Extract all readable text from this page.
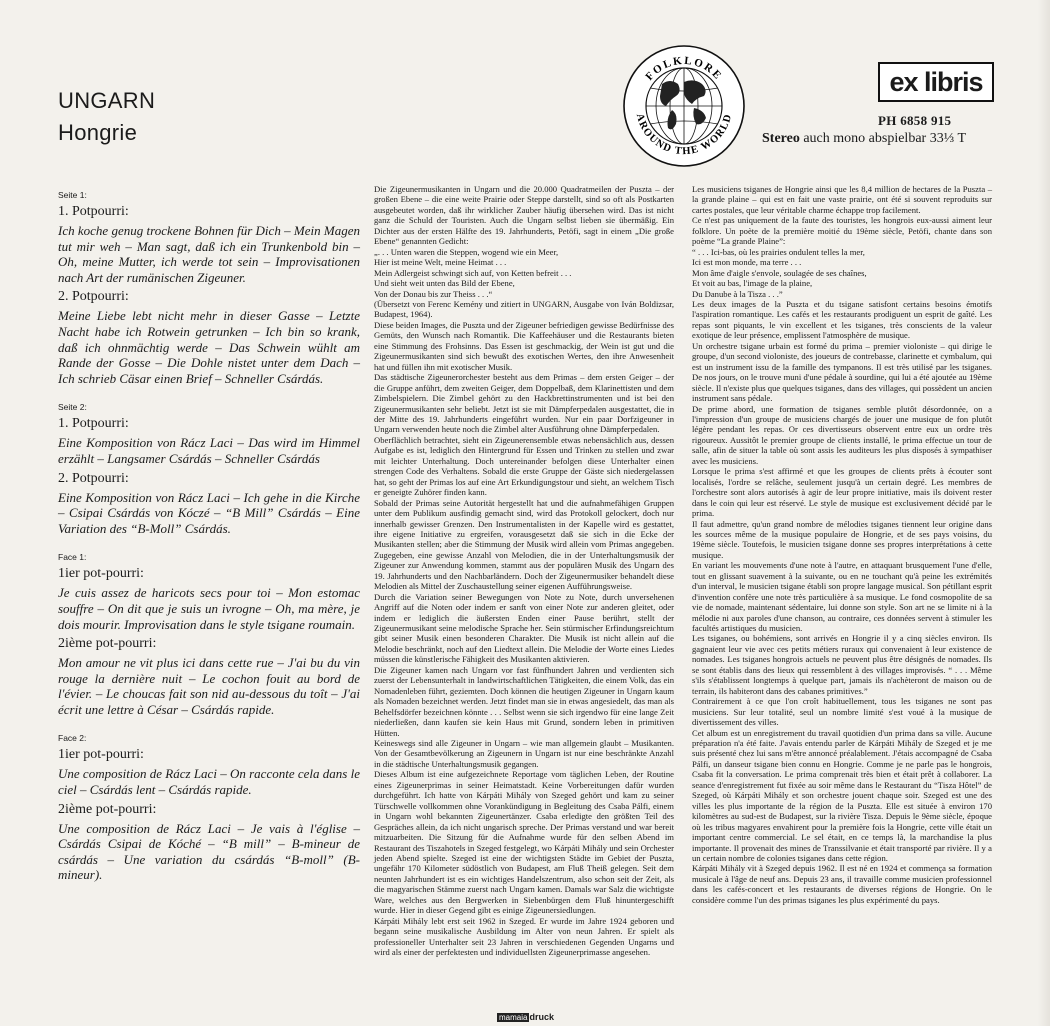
UNGARN
Hongrie
FOLKLORE
AROUND THE WORLD
ex libris
PH 6858 915
Stereo auch mono abspielbar 33⅓ T
Seite 1:
1. Potpourri:
Ich koche genug trockene Bohnen für Dich – Mein Magen tut mir weh – Man sagt, daß ich ein Trunkenbold bin – Oh, meine Mutter, ich werde tot sein – Improvisationen nach Art der rumänischen Zigeuner.
2. Potpourri:
Meine Liebe lebt nicht mehr in dieser Gasse – Letzte Nacht habe ich Rotwein getrunken – Ich bin so krank, daß ich ohnmächtig werde – Das Schwein wühlt am Rande der Gosse – Die Dohle nistet unter dem Dach – Ich schrieb Cäsar einen Brief – Schneller Csárdás.
Seite 2:
1. Potpourri:
Eine Komposition von Rácz Laci – Das wird im Himmel erzählt – Langsamer Csárdás – Schneller Csárdás
2. Potpourri:
Eine Komposition von Rácz Laci – Ich gehe in die Kirche – Csipai Csárdás von Kóczé – “B Mill” Csárdás – Eine Variation des “B-Moll” Csárdás.
Face 1:
1ier pot-pourri:
Je cuis assez de haricots secs pour toi – Mon estomac souffre – On dit que je suis un ivrogne – Oh, ma mère, je dois mourir. Improvisation dans le style tsigane roumain.
2ième pot-pourri:
Mon amour ne vit plus ici dans cette rue – J'ai bu du vin rouge la dernière nuit – Le cochon fouit au bord de l'évier. – Le choucas fait son nid au-dessous du toît – J'ai écrit une lettre à César – Csárdás rapide.
Face 2:
1ier pot-pourri:
Une composition de Rácz Laci – On racconte cela dans le ciel – Csárdás lent – Csárdás rapide.
2ième pot-pourri:
Une composition de Rácz Laci – Je vais à l'église – Csárdás Csipai de Kóché – “B mill” – B-mineur de csárdás – Une variation du csárdás “B-moll” (B-mineur).

Die Zigeunermusikanten in Ungarn und die 20.000 Quadratmeilen der Puszta – der großen Ebene – die eine weite Prairie oder Steppe darstellt, sind so oft als Postkarten ausgebeutet worden, daß ihr wirklicher Zauber häufig übersehen wird. Das ist nicht ganz die Schuld der Touristen. Auch die Ungarn selbst lieben sie übermäßig. Ein Dichter aus der ersten Hälfte des 19. Jahrhunderts, Petöfi, sagt in einem „Die große Ebene“ genannten Gedicht:

„. . . Unten waren die Steppen, wogend wie ein Meer,
Hier ist meine Welt, meine Heimat . . .
Mein Adlergeist schwingt sich auf, von Ketten befreit . . .
Und sieht weit unten das Bild der Ebene,
Von der Donau bis zur Theiss . . .“

(Übersetzt von Ferenc Kemény und zitiert in UNGARN, Ausgabe von Iván Boldizsar, Budapest, 1964).

Diese beiden Images, die Puszta und der Zigeuner befriedigen gewisse Bedürfnisse des Gemüts, den Wunsch nach Romantik. Die Kaffeehäuser und die Restaurants bieten eine Stimmung des Frohsinns. Das Essen ist geschmackig, der Wein ist gut und die Zigeunermusikanten sind sich bewußt des exotischen Wertes, den ihre Anwesenheit hat und füllen ihn mit exotischer Musik.

Das städtische Zigeunerorchester besteht aus dem Primas – dem ersten Geiger – der die Gruppe anführt, dem zweiten Geiger, dem Doppelbaß, dem Klarinettisten und dem Zimbelspielern. Die Zimbel gehört zu den Hackbrettinstrumenten und ist bei den Zigeunermusikanten sehr beliebt. Jetzt ist sie mit Dämpferpedalen ausgestattet, die in der Mitte des 19. Jahrhunderts eingeführt wurden. Nur ein paar Dorfzigeuner in Ungarn verwenden heute noch die Zimbel alter Ausführung ohne Dämpferpedalen.

Oberflächlich betrachtet, sieht ein Zigeunerensemble etwas nebensächlich aus, dessen Aufgabe es ist, lediglich den Hintergrund für Essen und Trinken zu stellen und zwar mit leichter Unterhaltung. Doch untereinander befolgen diese Unterhalter einen strengen Code des Verhaltens. Sobald die erste Gruppe der Gäste sich niedergelassen hat, so geht der Primas los auf eine Art Erkundigungstour und sieht, an welchem Tisch er geneigte Zuhörer finden kann.

Sobald der Primas seine Autorität hergestellt hat und die aufnahmefähigen Gruppen unter dem Publikum ausfindig gemacht sind, wird das Protokoll gelockert, doch nur innerhalb gewisser Grenzen. Den Instrumentalisten in der Kapelle wird es gestattet, ihre eigene Initiative zu ergreifen, vorausgesetzt daß sie sich in die Ecke der Musikanten stellen; aber die Stimmung der Musik wird allein vom Primas angegeben. Zugegeben, eine gewisse Anzahl von Melodien, die in der Unterhaltungsmusik der Zigeuner zur Anwendung kommen, stammt aus der populären Musik des Ungarn des 19. Jahrhunderts und den Nachbarländern. Doch der Zigeunermusiker behandelt diese Melodien als Mittel der Zuschaustellung seiner eigenen Aufführungsweise.

Durch die Variation seiner Bewegungen von Note zu Note, durch unversehenen Angriff auf die Noten oder indem er sanft von einer Note zur anderen gleitet, oder indem er lediglich die äußersten Enden einer Pause berührt, stellt der Zigeunermusikant seine melodische Sprache her. Sein stürmischer Erfindungsreichtum gibt seiner Musik einen besonderen Charakter. Die Musik ist nicht allein auf die Melodie beschränkt, noch auf den Liedtext allein. Die Melodie der Worte eines Liedes müssen die künstlerische Fähigkeit des Musikanten aktivieren.

Die Zigeuner kamen nach Ungarn vor fast fünfhundert Jahren und verdienten sich zuerst der Lebensunterhalt in landwirtschaftlichen Tätigkeiten, die einem Volk, das ein Nomadenleben führt, geziemten. Doch können die heutigen Zigeuner in Ungarn kaum als Nomaden bezeichnet werden. Jetzt findet man sie in etwas angesiedelt, das man als Behelfsdörfer bezeichnen könnte . . . Selbst wenn sie sich irgendwo für eine lange Zeit niederließen, dann kaufen sie kein Haus mit Grund, sondern leben in primitiven Hütten.

Keineswegs sind alle Zigeuner in Ungarn – wie man allgemein glaubt – Musikanten. Von der Gesamtbevölkerung an Zigeunern in Ungarn ist nur eine beschränkte Anzahl in die städtische Unterhaltungsmusik gegangen.

Dieses Album ist eine aufgezeichnete Reportage vom täglichen Leben, der Routine eines Zigeunerprimas in seiner Heimatstadt. Keine Vorbereitungen dafür wurden durchgeführt. Ich hatte von Kárpáti Mihály von Szeged gehört und kam zu seiner Türschwelle vollkommen ohne Vorankündigung in Begleitung des Csaba Pálfi, einem in Ungarn wohl bekannten Zigeunertänzer. Csaba erledigte den größten Teil des Gespräches allein, da ich nicht ungarisch spreche. Der Primas verstand und war bereit mitzuarbeiten. Die Sitzung für die Aufnahme wurde für den selben Abend im Restaurant des Tiszahotels in Szeged festgelegt, wo Kárpáti Mihály und sein Orchester jeden Abend spielte. Szeged ist eine der wichtigsten Städte im Gebiet der Puszta, ungefähr 170 Kilometer südöstlich von Budapest, am Fluß Theiß gelegen. Seit dem neunten Jahrhundert ist es ein wichtiges Handelszentrum, also schon seit der Zeit, als die magyarischen Stämme zuerst nach Ungarn kamen. Damals war Salz die wichtigste Ware, welches aus den Bergwerken in Siebenbürgen dem Fluß hinuntergeschifft wurde. Hier in dieser Gegend gibt es einige Zigeunersiedlungen.

Kárpáti Mihály lebt erst seit 1962 in Szeged. Er wurde im Jahre 1924 geboren und begann seine musikalische Ausbildung im Alter von neun Jahren. Er spielt als professioneller Unterhalter seit 23 Jahren in verschiedenen Gegenden Ungarns und wird als einer der perfektesten und individuellsten Zigeunerprimasse angesehen.

Les musiciens tsiganes de Hongrie ainsi que les 8,4 million de hectares de la Puszta – la grande plaine – qui est en fait une vaste prairie, ont été si souvent reproduits sur cartes postales, que leur véritable charme échappe trop facilement.

Ce n'est pas uniquement de la faute des touristes, les hongrois eux-aussi aiment leur folklore. Un poète de la première moitié du 19ème siècle, Petöfi, chante dans son poème “La grande Plaine”:

“ . . . Ici-bas, où les prairies ondulent telles la mer,
Ici est mon monde, ma terre . . .
Mon âme d'aigle s'envole, soulagée de ses chaînes,
Et voit au bas, l'image de la plaine,
Du Danube à la Tisza . . .”

Les deux images de la Puszta et du tsigane satisfont certains besoins émotifs l'aspiration romantique. Les cafés et les restaurants prodiguent un esprit de gaîté. Les repas sont piquants, le vin excellent et les tsiganes, très conscients de la valeur exotique de leur présence, emplissent l'atmosphère de musique.

Un orchestre tsigane urbain est formé du prima – premier violoniste – qui dirige le groupe, d'un second violoniste, des joueurs de contrebasse, clarinette et cymbalum, qui est un instrument issu de la famille des tympanons. Il est très utilisé par les tsiganes. De nos jours, on le trouve muni d'une pédale à sourdine, qui lui a été ajoutée au 19ème siècle. Il n'existe plus que quelques tsiganes, dans des villages, qui possèdent un ancien instrument sans pédale.

De prime abord, une formation de tsiganes semble plutôt désordonnée, on a l'impression d'un groupe de musiciens chargés de jouer une musique de fon plutôt légère pendant les repas. Or ces divertisseurs observent entre eux un ordre très rigoureux. Aussitôt le premier groupe de clients installé, le prima effectue un tour de salle, afin de situer la table où sont assis les auditeurs les plus disposés à sympathiser avec les musiciens.

Lorsque le prima s'est affirmé et que les groupes de clients prêts à écouter sont localisés, l'ordre se relâche, seulement jusqu'à un certain degré. Les membres de l'orchestre sont alors autorisés à agir de leur propre initiative, mais ils doivent rester dans le coin qui leur est réservé. Le style de musique est exclusivement décidé par le prima.

Il faut admettre, qu'un grand nombre de mélodies tsiganes tiennent leur origine dans les sources même de la musique populaire de Hongrie, et de ses pays voisins, du 19ème siècle. Toutefois, le musicien tsigane donne ses propres interprétations à cette musique.

En variant les mouvements d'une note à l'autre, en attaquant brusquement l'une d'elle, tout en glissant suavement à la suivante, ou en ne touchant qu'à peine les extrémités d'un interval, le musicien tsigane établi son propre langage musical. Son pétillant esprit d'invention confère une note très particulière à sa musique. Le fond cosmopolite de sa vie de nomade, maintenant sédentaire, lui donne son style. Son art ne se limite ni à la mélodie ni aux paroles d'une chanson, au contraire, ces données servent à stimuler les facultés artistiques du musicien.

Les tsiganes, ou bohémiens, sont arrivés en Hongrie il y a cinq siècles environ. Ils gagnaient leur vie avec ces petits métiers ruraux qui convenaient à leur existence de nomades. Les tsiganes hongrois actuels ne peuvent plus être désignés de nomades. Ils se sont établis dans des lieux qui ressemblent à des villages improvisés. “ . . . Même s'ils s'établissent longtemps à quelque part, jamais ils n'achèteront de maison ou de terrain, ils habiteront dans des cabanes primitives.”

Contrairement à ce que l'on croît habituellement, tous les tsiganes ne sont pas musiciens. Sur leur totalité, seul un nombre limité s'est voué à la musique de divertissement des villes.

Cet album est un enregistrement du travail quotidien d'un prima dans sa ville. Aucune préparation n'a été faite. J'avais entendu parler de Kárpáti Mihály de Szeged et je me suis présenté chez lui sans m'être annoncé préalablement. J'étais accompagné de Csaba Pálfi, un danseur tsigane bien connu en Hongrie. Comme je ne parle pas le hongrois, Csaba fit la conversation. Le prima comprenait très bien et était prêt à collaborer. La seance d'enregistrement fut fixée au soir même dans le Restaurant du “Tisza Hôtel” de Szeged, où Kárpáti Mihály et son orchestre jouent chaque soir. Szeged est une des villes les plus importante de la région de la Puszta. Elle est située à environ 170 kilomètres au sud-est de Budapest, sur la rivière Tisza. Depuis le 9ème siècle, époque où les tribus magyares envahirent pour la première fois la Hongrie, cette ville était un important centre commercial. Le sel était, en ce temps là, la marchandise la plus importante. Il provenait des mines de Transsilvanie et était transporté par rivière. Il y a un certain nombre de colonies tsiganes dans cette région.

Kárpáti Mihály vit à Szeged depuis 1962. Il est né en 1924 et commença sa formation musicale à l'âge de neuf ans. Depuis 23 ans, il travaille comme musicien professionnel dans les cafés-concert et les restaurants de diverses régions de Hongrie. On le considère comme l'un des primas tsiganes les plus expérimenté du pays.

mamaia druck
